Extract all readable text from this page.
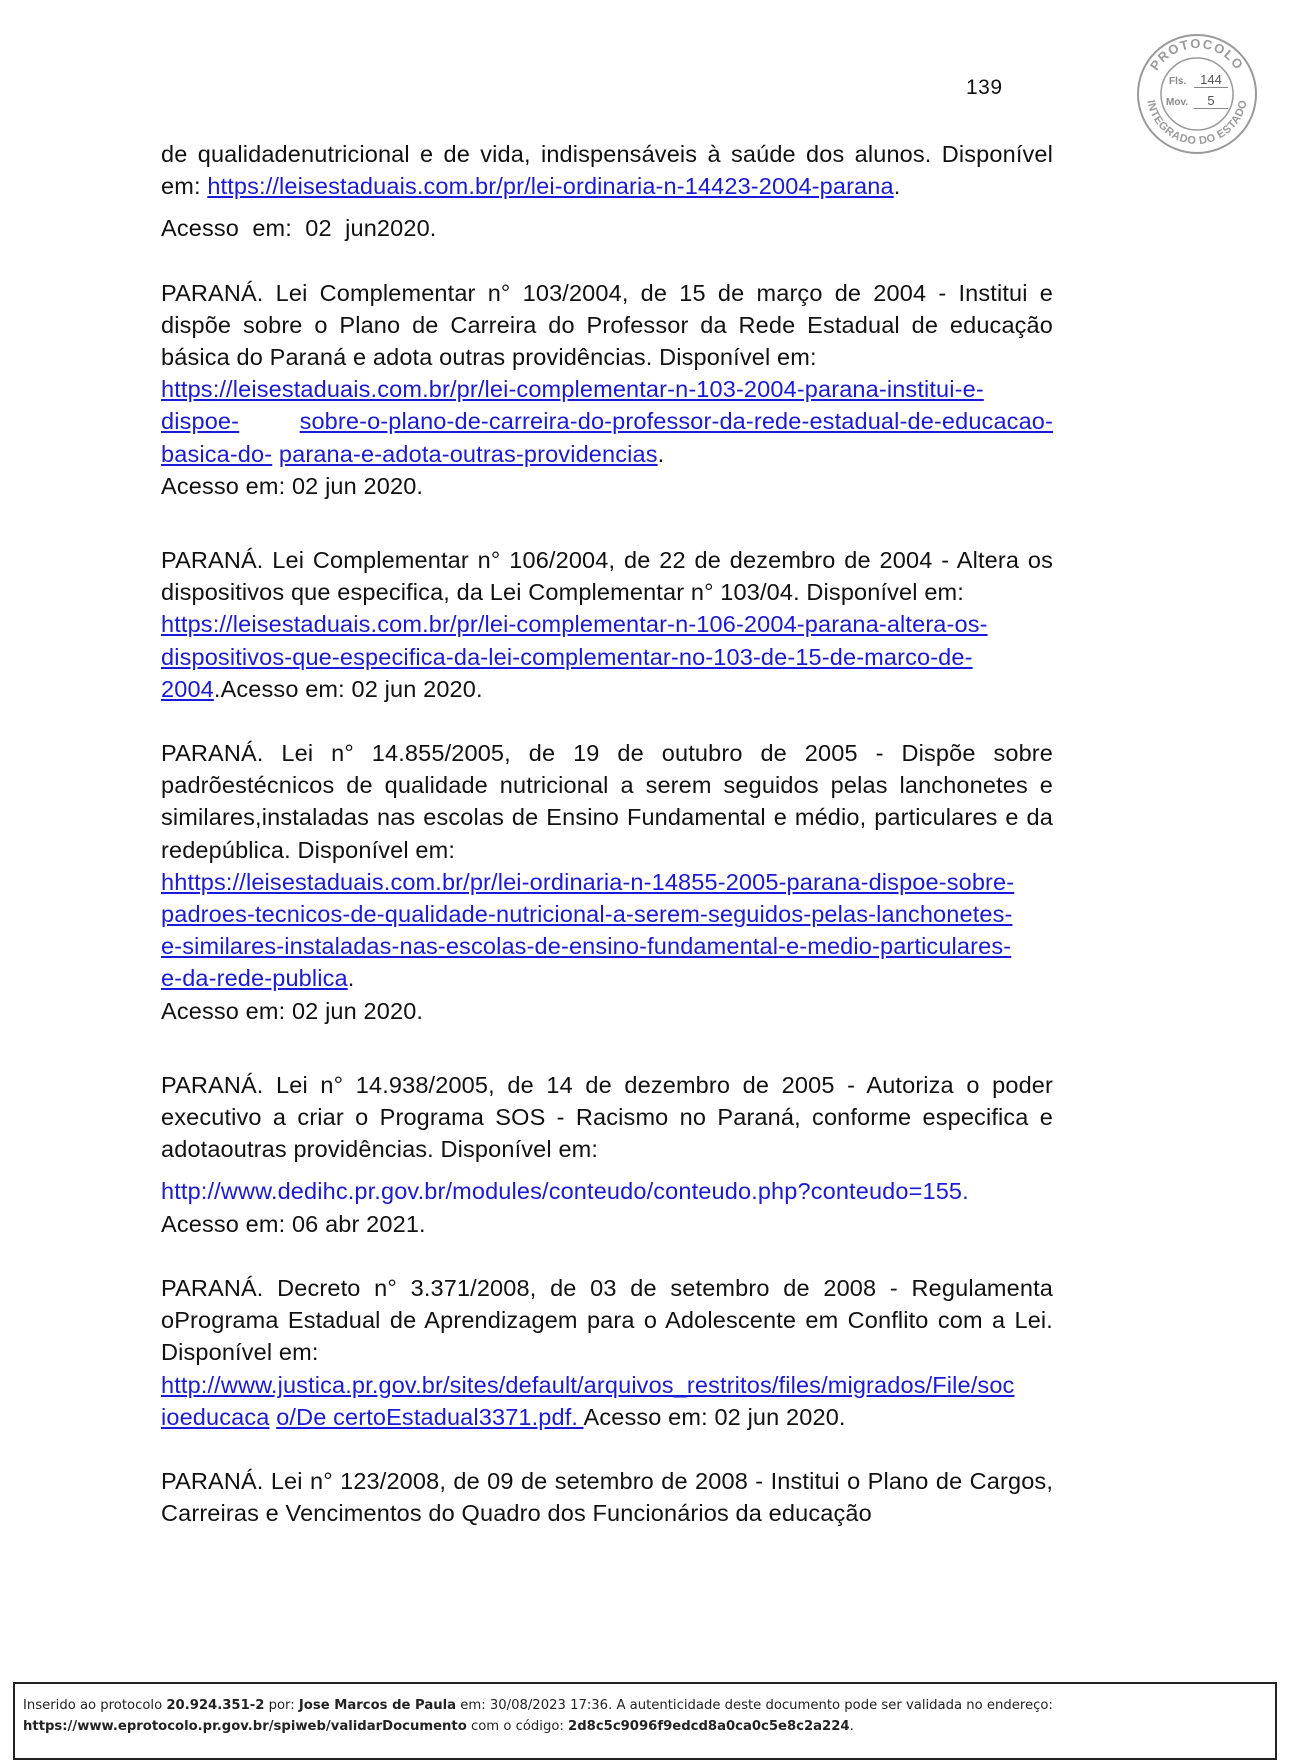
139
PROTOCOLO
INTEGRADO DO ESTADO
Fls.	144
Mov.	5

de qualidadenutricional e de vida, indispensáveis à saúde dos alunos. Disponível em: https://leisestaduais.com.br/pr/lei-ordinaria-n-14423-2004-parana.

Acesso  em:  02  jun2020.

PARANÁ. Lei Complementar n° 103/2004, de 15 de março de 2004 - Institui e dispõe sobre o Plano de Carreira do Professor da Rede Estadual de educação básica do Paraná e adota outras providências. Disponível em:

https://leisestaduais.com.br/pr/lei-complementar-n-103-2004-parana-institui-e-
dispoe-	sobre-o-plano-de-carreira-do-professor-da-rede-estadual-de-educacao-
basica-do- parana-e-adota-outras-providencias.

Acesso em: 02 jun 2020.

PARANÁ. Lei Complementar n° 106/2004, de 22 de dezembro de 2004 - Altera os dispositivos que especifica, da Lei Complementar n° 103/04. Disponível em:

https://leisestaduais.com.br/pr/lei-complementar-n-106-2004-parana-altera-os-
dispositivos-que-especifica-da-lei-complementar-no-103-de-15-de-marco-de-
2004.Acesso em: 02 jun 2020.

PARANÁ. Lei n° 14.855/2005, de 19 de outubro de 2005 - Dispõe sobre padrõestécnicos de qualidade nutricional a serem seguidos pelas lanchonetes e similares,instaladas nas escolas de Ensino Fundamental e médio, particulares e da redepública. Disponível em:

hhttps://leisestaduais.com.br/pr/lei-ordinaria-n-14855-2005-parana-dispoe-sobre-
padroes-tecnicos-de-qualidade-nutricional-a-serem-seguidos-pelas-lanchonetes-
e-similares-instaladas-nas-escolas-de-ensino-fundamental-e-medio-particulares-
e-da-rede-publica.

Acesso em: 02 jun 2020.

PARANÁ. Lei n° 14.938/2005, de 14 de dezembro de 2005 - Autoriza o poder executivo a criar o Programa SOS - Racismo no Paraná, conforme especifica e adotaoutras providências. Disponível em:

http://www.dedihc.pr.gov.br/modules/conteudo/conteudo.php?conteudo=155.

Acesso em: 06 abr 2021.

PARANÁ. Decreto n° 3.371/2008, de 03 de setembro de 2008 - Regulamenta oPrograma Estadual de Aprendizagem para o Adolescente em Conflito com a Lei. Disponível em:

http://www.justica.pr.gov.br/sites/default/arquivos_restritos/files/migrados/File/soc
ioeducaca o/De certoEstadual3371.pdf. Acesso em: 02 jun 2020.

PARANÁ. Lei n° 123/2008, de 09 de setembro de 2008 - Institui o Plano de Cargos, Carreiras e Vencimentos do Quadro dos Funcionários da educação

Inserido ao protocolo 20.924.351-2 por: Jose Marcos de Paula em: 30/08/2023 17:36. A autenticidade deste documento pode ser validada no endereço:
https://www.eprotocolo.pr.gov.br/spiweb/validarDocumento com o código: 2d8c5c9096f9edcd8a0ca0c5e8c2a224.
